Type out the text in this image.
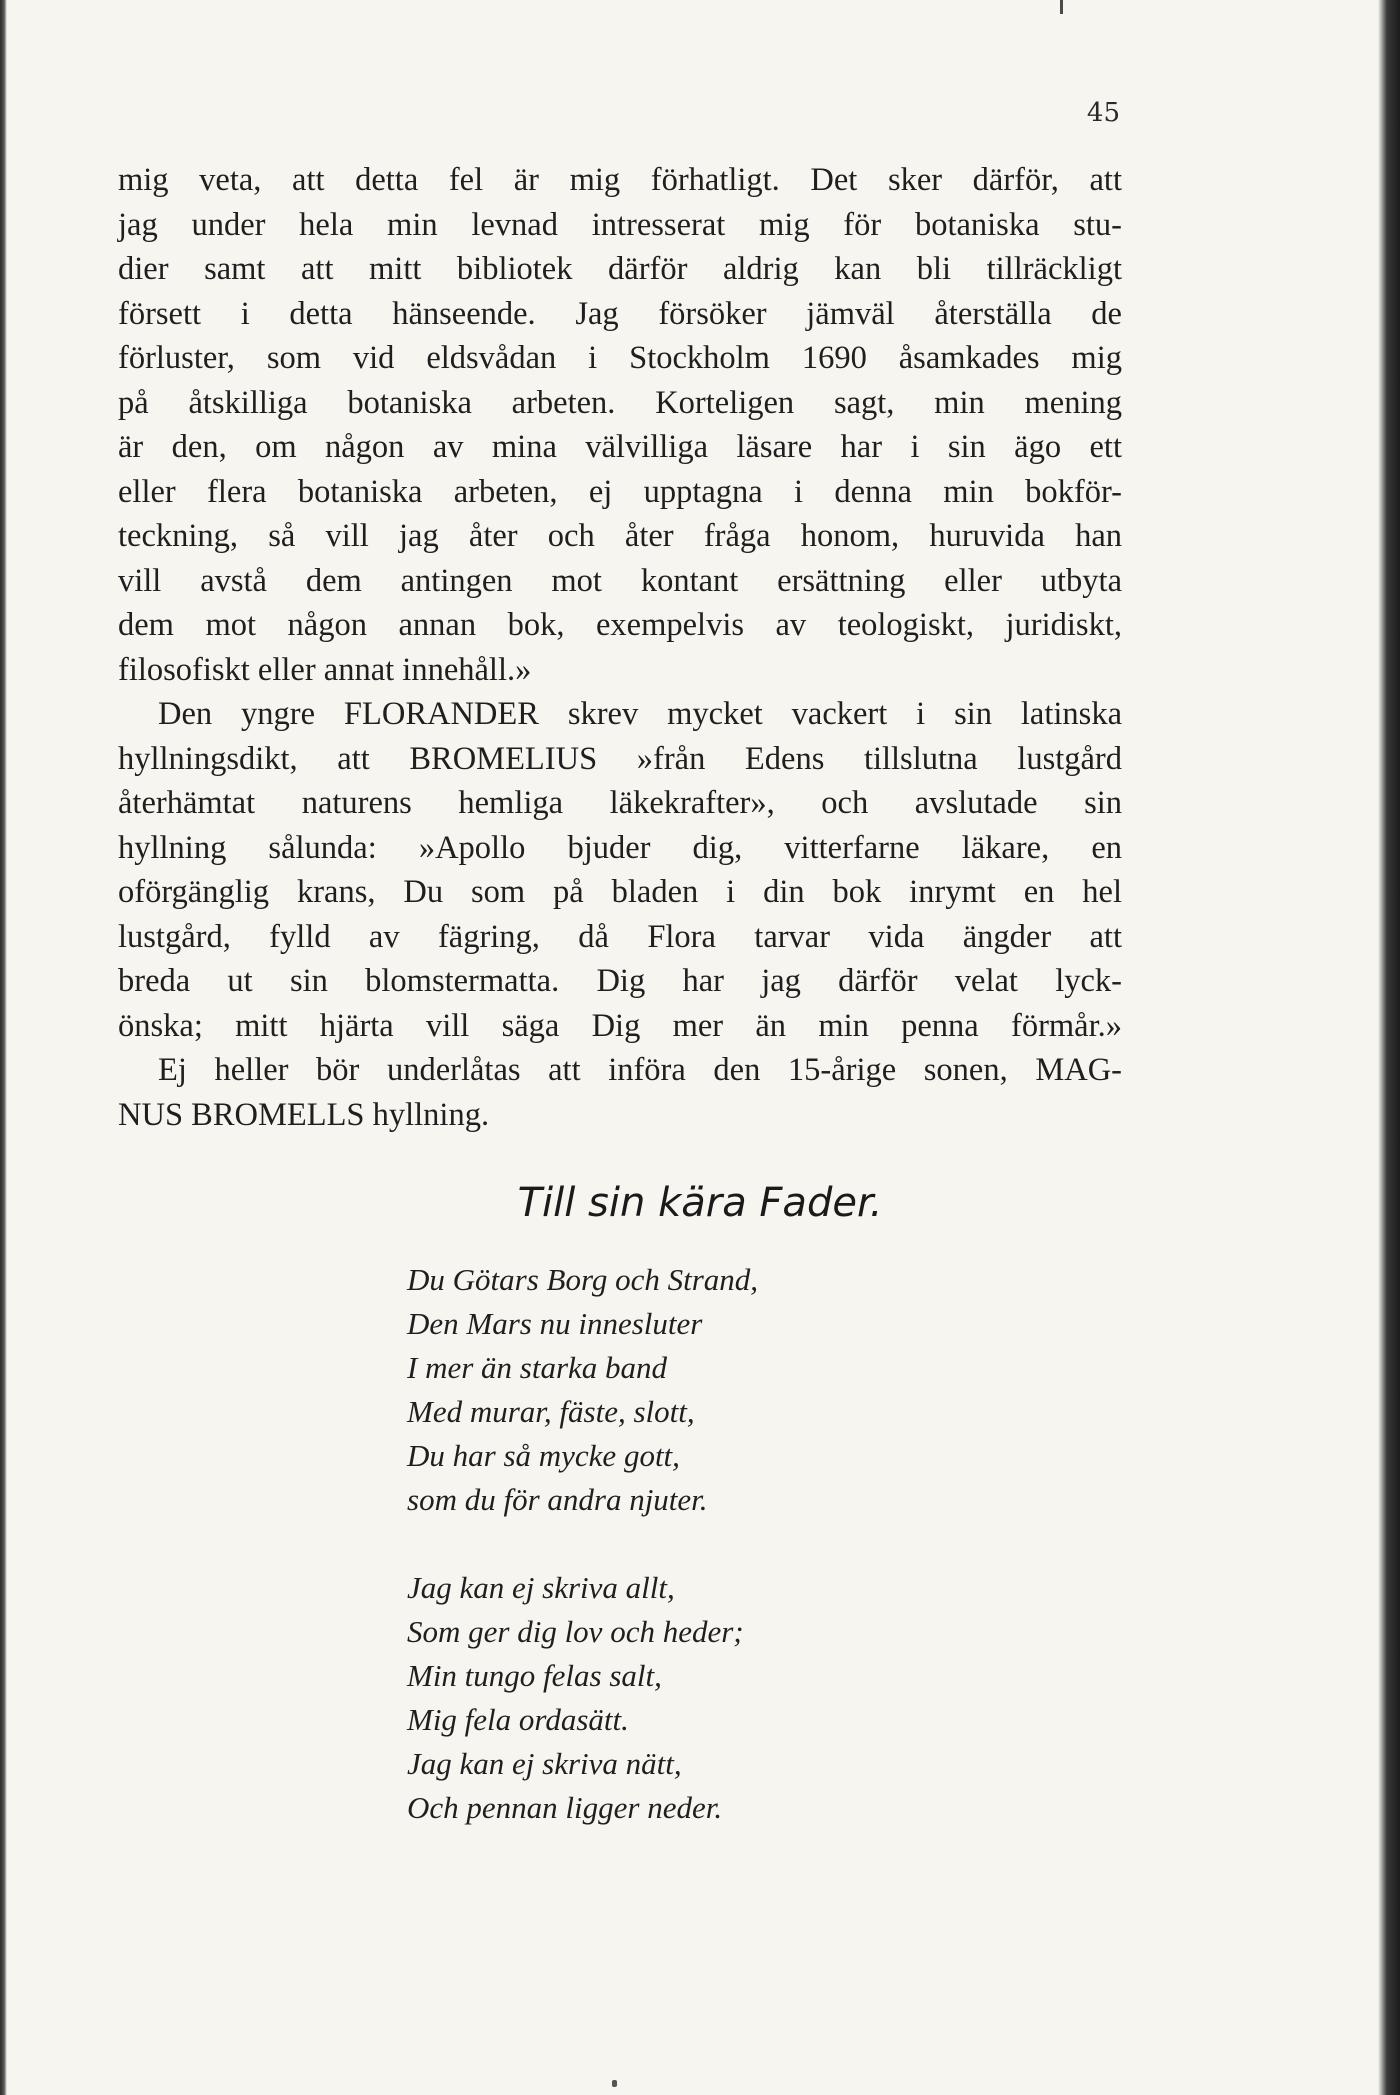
45
mig veta, att detta fel är mig förhatligt. Det sker därför, att
jag under hela min levnad intresserat mig för botaniska stu-
dier samt att mitt bibliotek därför aldrig kan bli tillräckligt
försett i detta hänseende. Jag försöker jämväl återställa de
förluster, som vid eldsvådan i Stockholm 1690 åsamkades mig
på åtskilliga botaniska arbeten. Korteligen sagt, min mening
är den, om någon av mina välvilliga läsare har i sin ägo ett
eller flera botaniska arbeten, ej upptagna i denna min bokför-
teckning, så vill jag åter och åter fråga honom, huruvida han
vill avstå dem antingen mot kontant ersättning eller utbyta
dem mot någon annan bok, exempelvis av teologiskt, juridiskt,
filosofiskt eller annat innehåll.»
Den yngre FLORANDER skrev mycket vackert i sin latinska
hyllningsdikt, att BROMELIUS »från Edens tillslutna lustgård
återhämtat naturens hemliga läkekrafter», och avslutade sin
hyllning sålunda: »Apollo bjuder dig, vitterfarne läkare, en
oförgänglig krans, Du som på bladen i din bok inrymt en hel
lustgård, fylld av fägring, då Flora tarvar vida ängder att
breda ut sin blomstermatta. Dig har jag därför velat lyck-
önska; mitt hjärta vill säga Dig mer än min penna förmår.»
Ej heller bör underlåtas att införa den 15-årige sonen, MAG-
NUS BROMELLS hyllning.
Till sin kära Fader.
Du Götars Borg och Strand,
Den Mars nu innesluter
I mer än starka band
Med murar, fäste, slott,
Du har så mycke gott,
som du för andra njuter.
Jag kan ej skriva allt,
Som ger dig lov och heder;
Min tungo felas salt,
Mig fela ordasätt.
Jag kan ej skriva nätt,
Och pennan ligger neder.
